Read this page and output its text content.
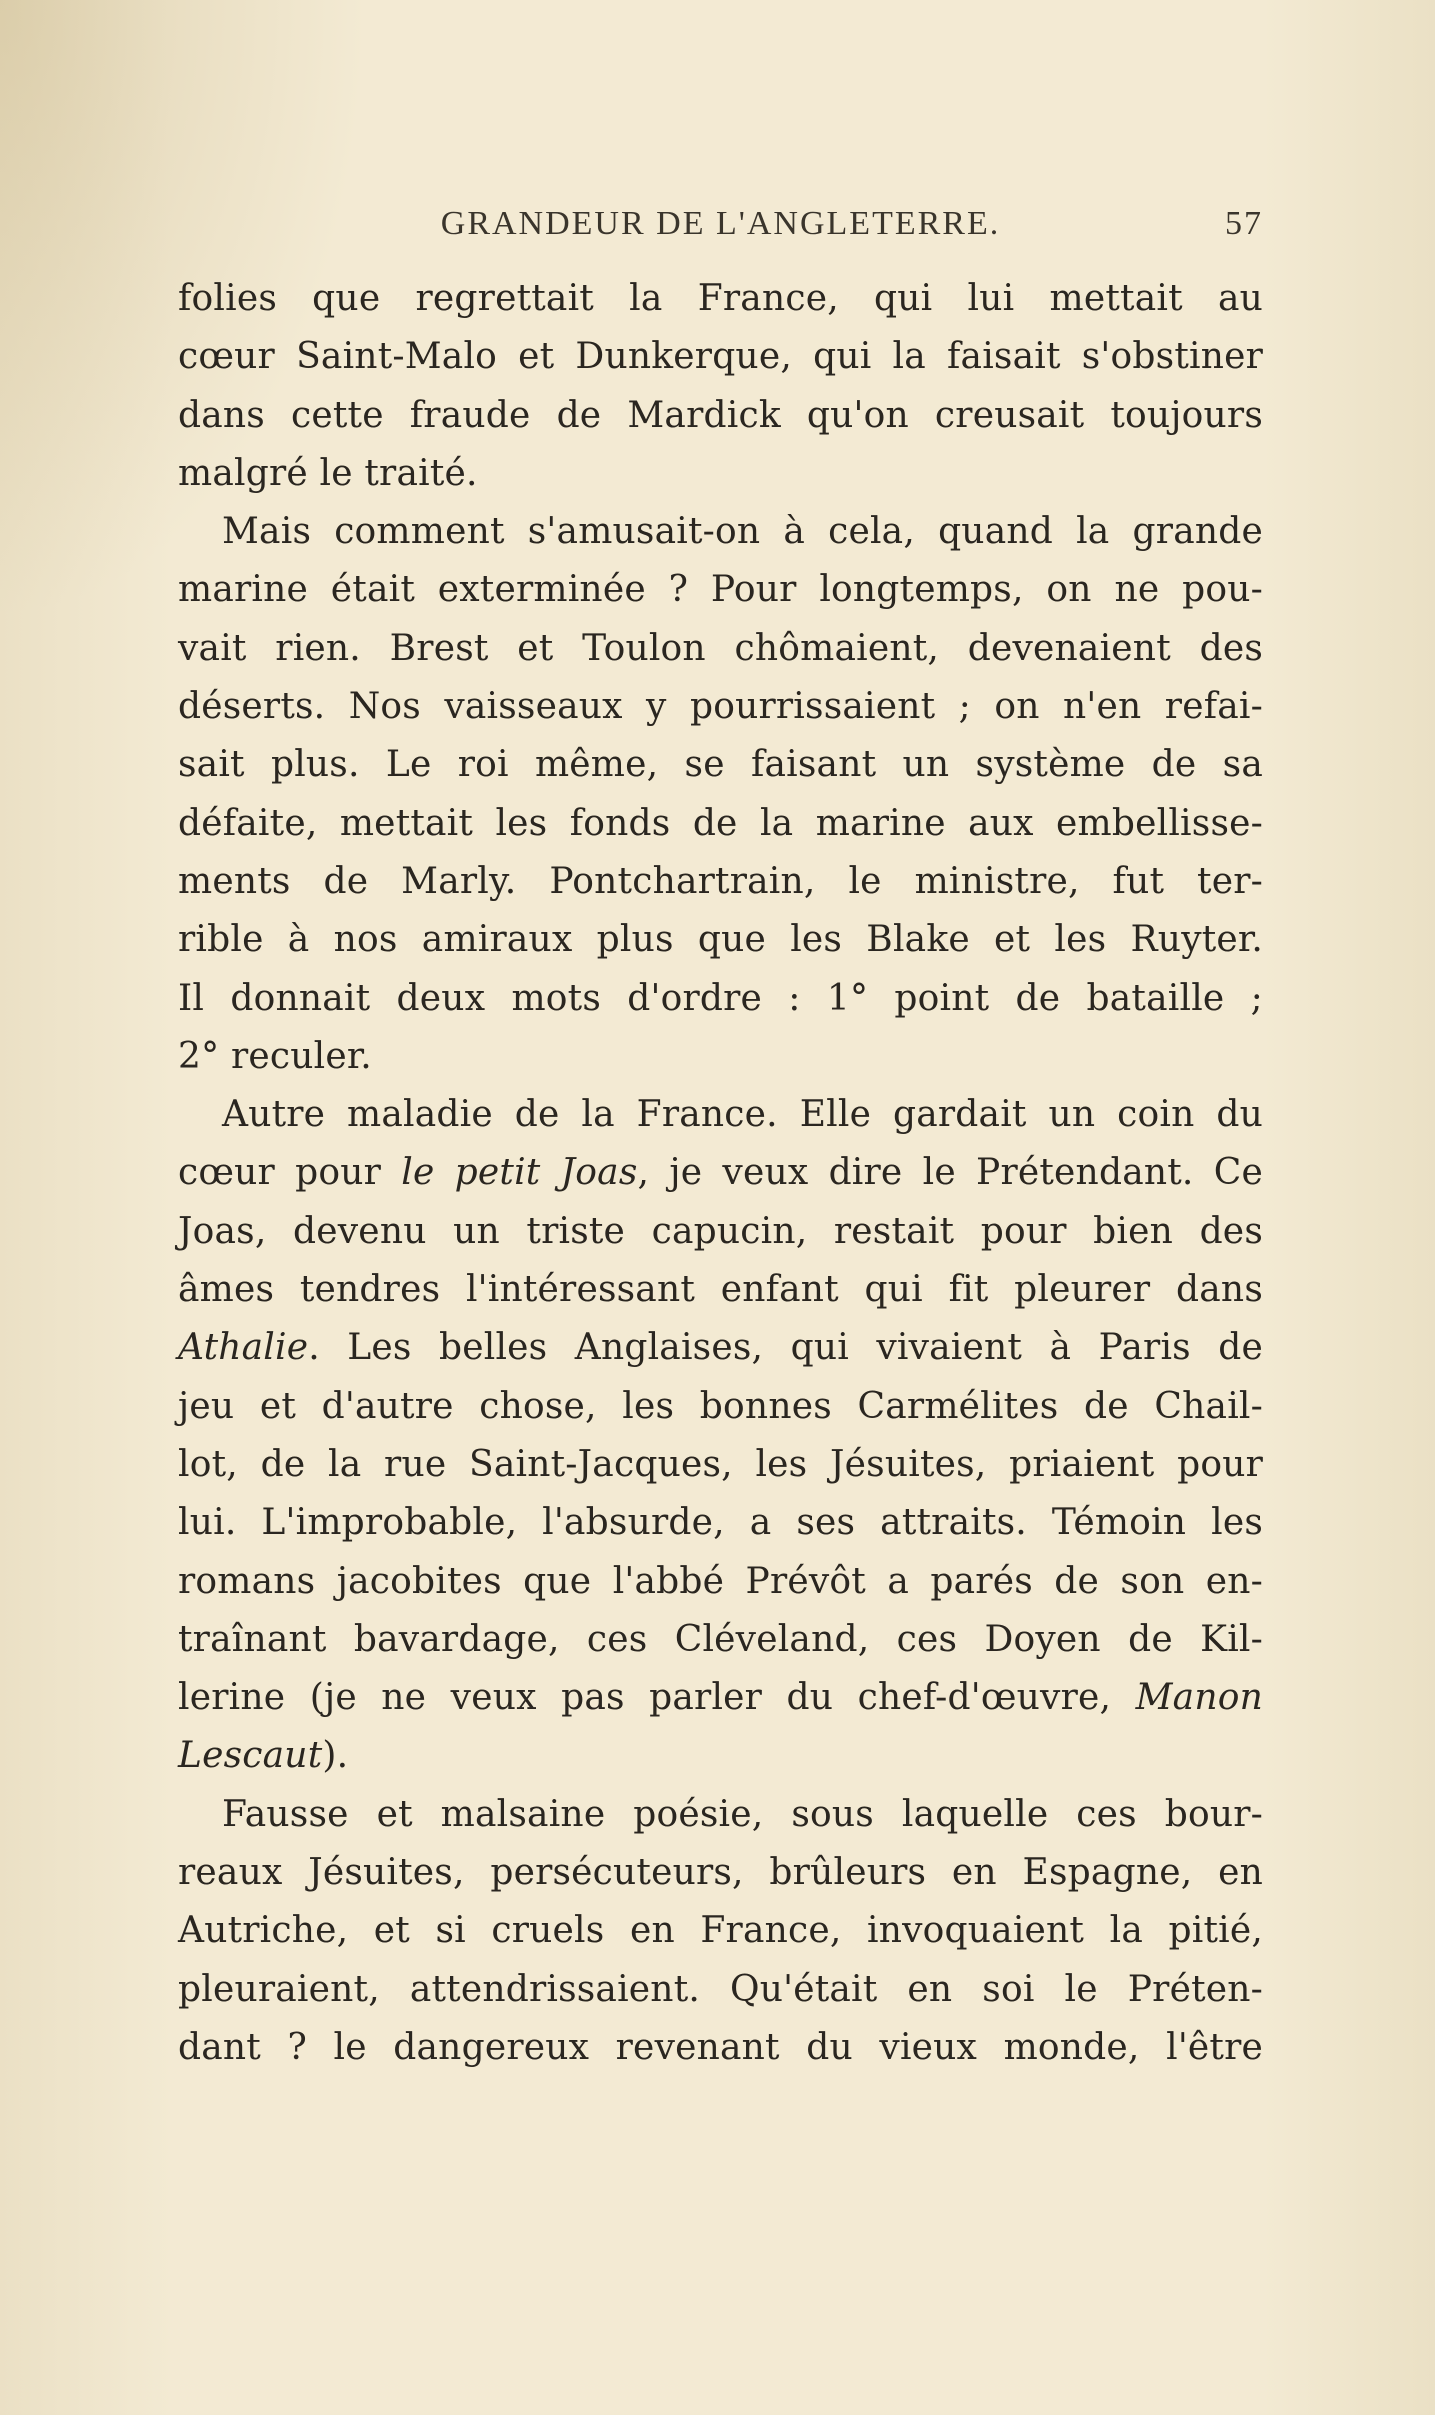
GRANDEUR DE L'ANGLETERRE.	57
folies que regrettait la France, qui lui mettait au
cœur Saint-Malo et Dunkerque, qui la faisait s'obstiner
dans cette fraude de Mardick qu'on creusait toujours
malgré le traité.
Mais comment s'amusait-on à cela, quand la grande
marine était exterminée ? Pour longtemps, on ne pou-
vait rien. Brest et Toulon chômaient, devenaient des
déserts. Nos vaisseaux y pourrissaient ; on n'en refai-
sait plus. Le roi même, se faisant un système de sa
défaite, mettait les fonds de la marine aux embellisse-
ments de Marly. Pontchartrain, le ministre, fut ter-
rible à nos amiraux plus que les Blake et les Ruyter.
Il donnait deux mots d'ordre : 1° point de bataille ;
2° reculer.
Autre maladie de la France. Elle gardait un coin du
cœur pour le petit Joas, je veux dire le Prétendant. Ce
Joas, devenu un triste capucin, restait pour bien des
âmes tendres l'intéressant enfant qui fit pleurer dans
Athalie. Les belles Anglaises, qui vivaient à Paris de
jeu et d'autre chose, les bonnes Carmélites de Chail-
lot, de la rue Saint-Jacques, les Jésuites, priaient pour
lui. L'improbable, l'absurde, a ses attraits. Témoin les
romans jacobites que l'abbé Prévôt a parés de son en-
traînant bavardage, ces Cléveland, ces Doyen de Kil-
lerine (je ne veux pas parler du chef-d'œuvre, Manon
Lescaut).
Fausse et malsaine poésie, sous laquelle ces bour-
reaux Jésuites, persécuteurs, brûleurs en Espagne, en
Autriche, et si cruels en France, invoquaient la pitié,
pleuraient, attendrissaient. Qu'était en soi le Préten-
dant ? le dangereux revenant du vieux monde, l'être
